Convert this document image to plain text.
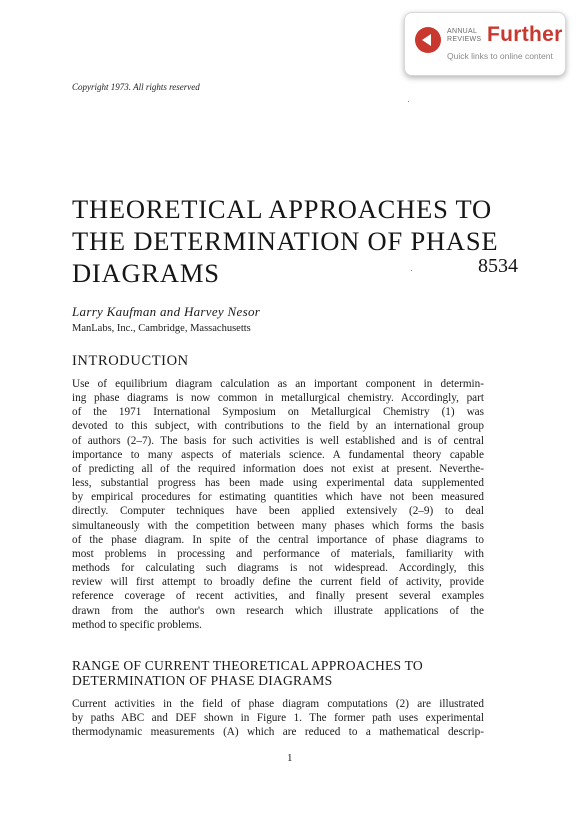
ANNUAL
REVIEWS Further
Quick links to online content
Copyright 1973. All rights reserved
THEORETICAL APPROACHES TO
THE DETERMINATION OF PHASE
DIAGRAMS	8534
Larry Kaufman and Harvey Nesor
ManLabs, Inc., Cambridge, Massachusetts
INTRODUCTION
Use of equilibrium diagram calculation as an important component in determin-
ing phase diagrams is now common in metallurgical chemistry. Accordingly, part
of the 1971 International Symposium on Metallurgical Chemistry (1) was
devoted to this subject, with contributions to the field by an international group
of authors (2–7). The basis for such activities is well established and is of central
importance to many aspects of materials science. A fundamental theory capable
of predicting all of the required information does not exist at present. Neverthe-
less, substantial progress has been made using experimental data supplemented
by empirical procedures for estimating quantities which have not been measured
directly. Computer techniques have been applied extensively (2–9) to deal
simultaneously with the competition between many phases which forms the basis
of the phase diagram. In spite of the central importance of phase diagrams to
most problems in processing and performance of materials, familiarity with
methods for calculating such diagrams is not widespread. Accordingly, this
review will first attempt to broadly define the current field of activity, provide
reference coverage of recent activities, and finally present several examples
drawn from the author's own research which illustrate applications of the
method to specific problems.
RANGE OF CURRENT THEORETICAL APPROACHES TO
DETERMINATION OF PHASE DIAGRAMS
Current activities in the field of phase diagram computations (2) are illustrated
by paths ABC and DEF shown in Figure 1. The former path uses experimental
thermodynamic measurements (A) which are reduced to a mathematical descrip-
1
